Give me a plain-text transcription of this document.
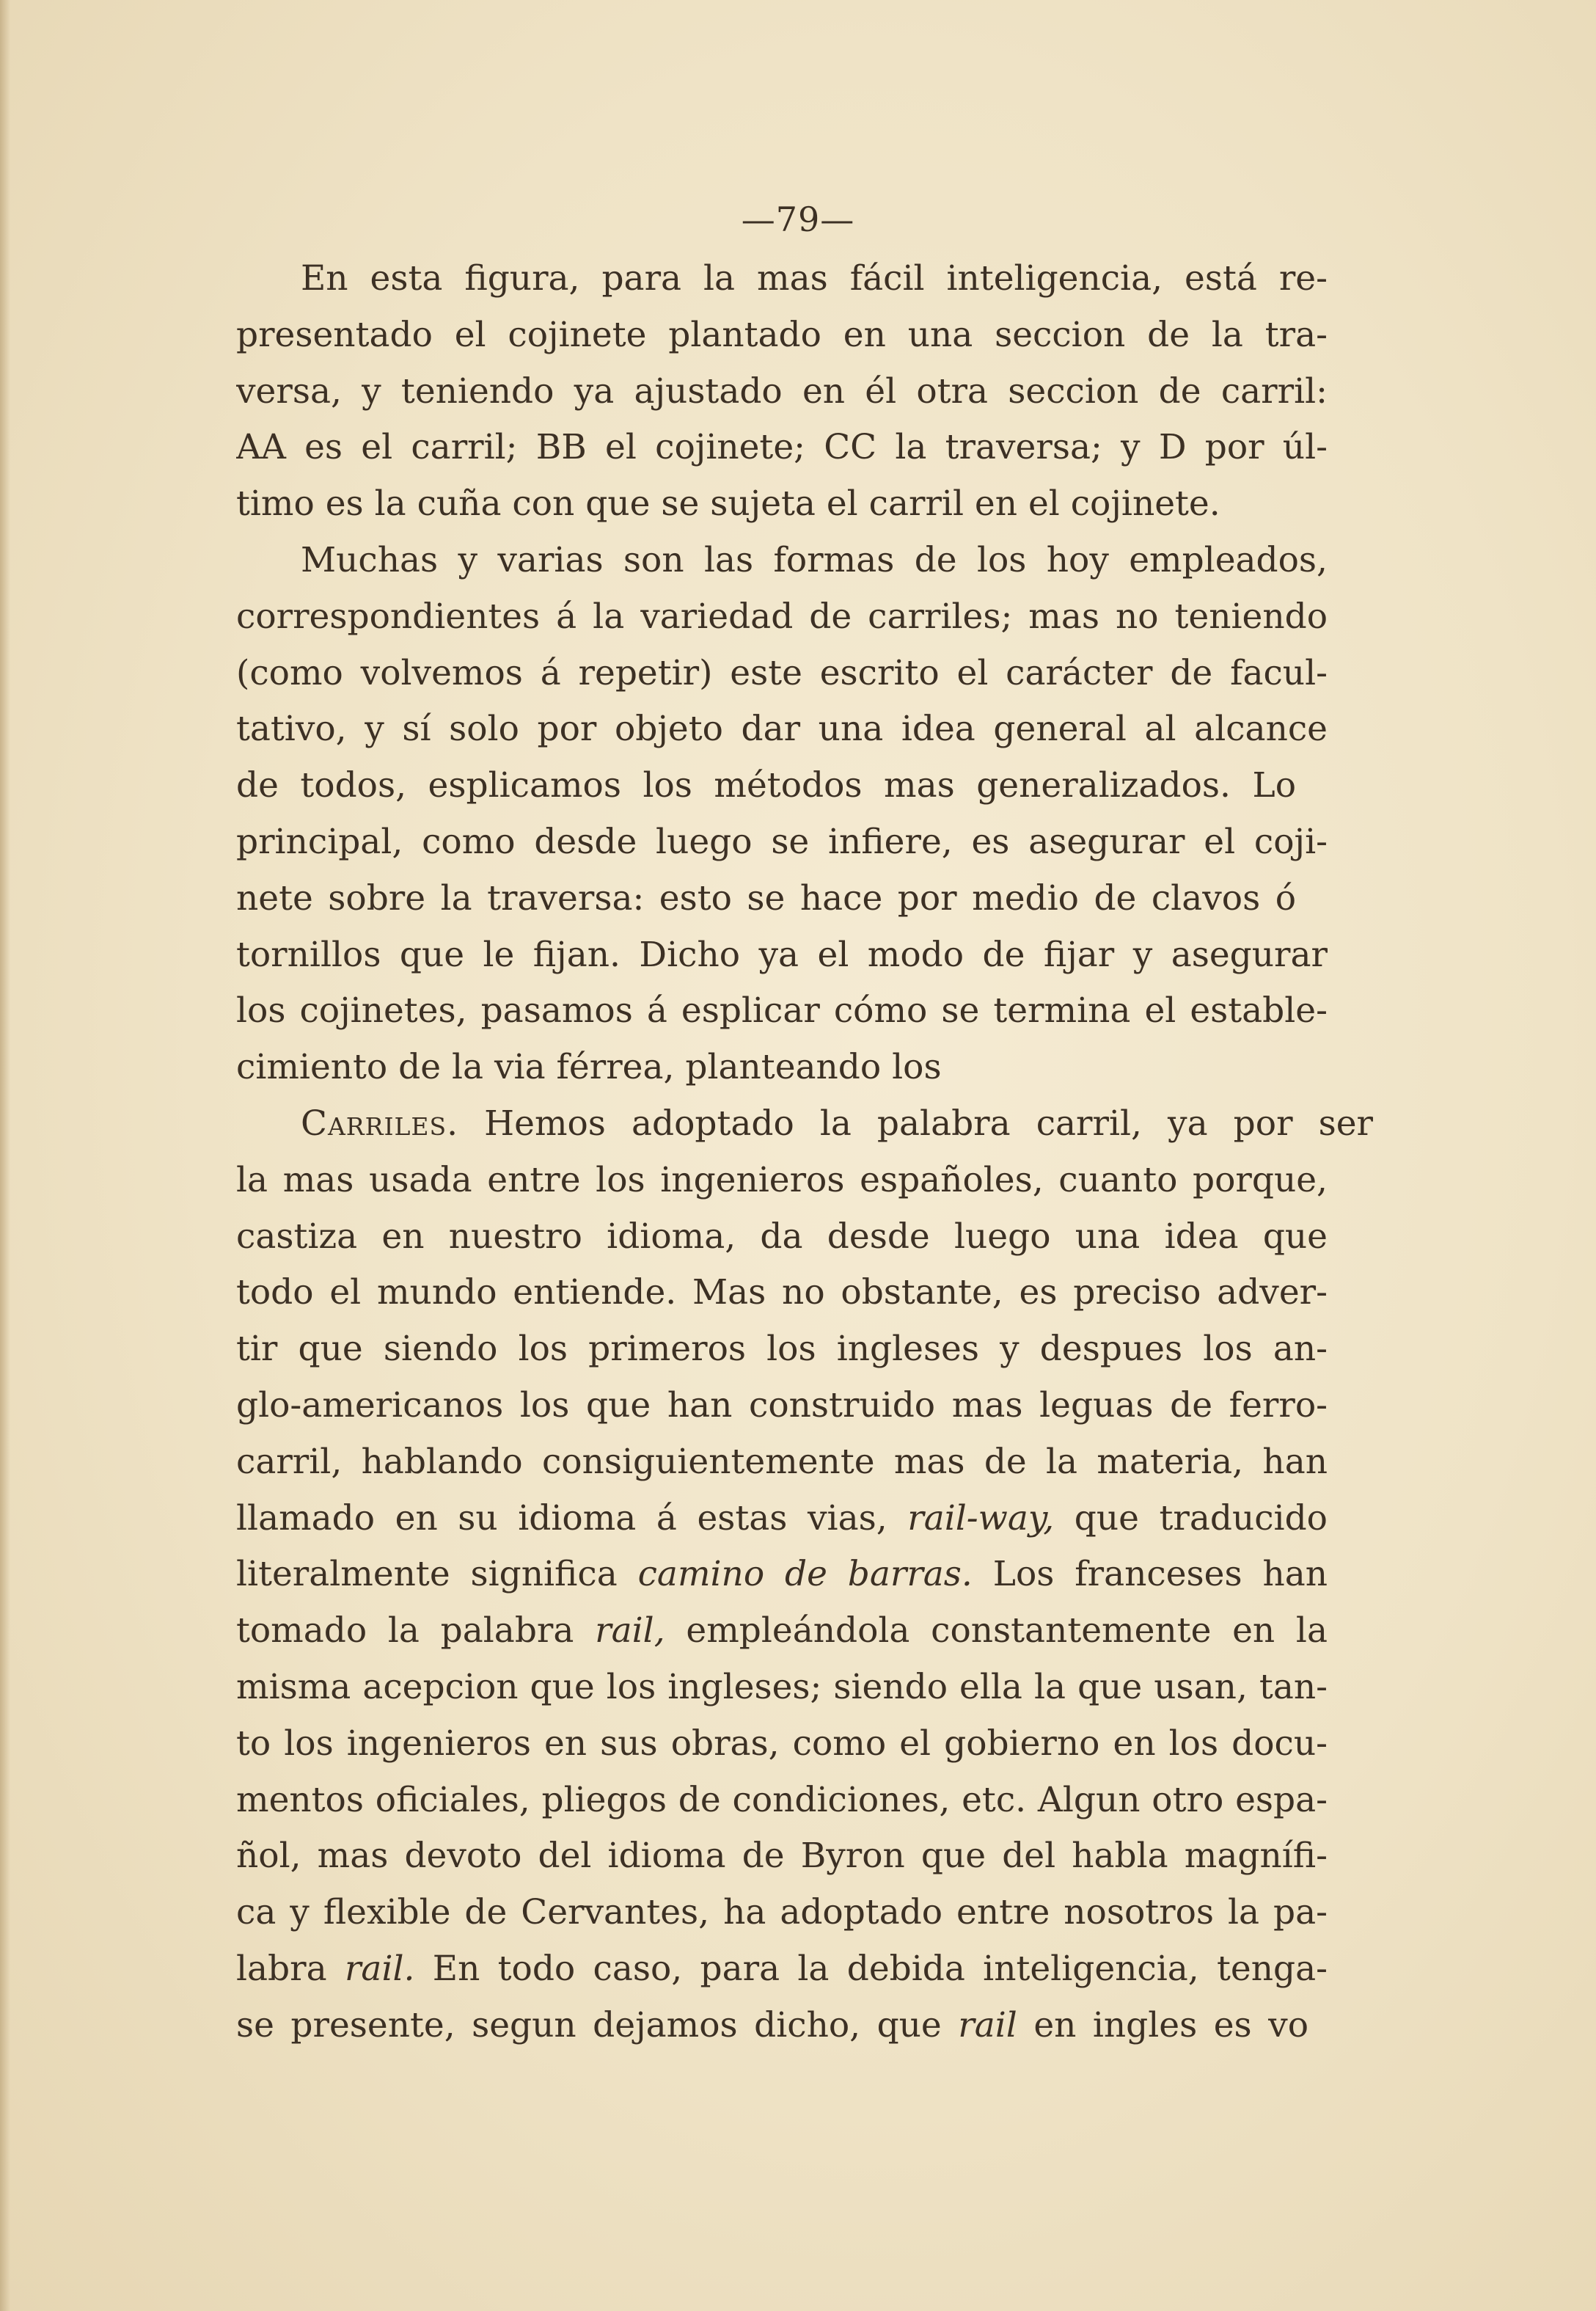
—79—
En esta figura, para la mas fácil inteligencia, está re-
presentado el cojinete plantado en una seccion de la tra-
versa, y teniendo ya ajustado en él otra seccion de carril:
AA es el carril; BB el cojinete; CC la traversa; y D por úl-
timo es la cuña con que se sujeta el carril en el cojinete.
Muchas y varias son las formas de los hoy empleados,
correspondientes á la variedad de carriles; mas no teniendo
(como volvemos á repetir) este escrito el carácter de facul-
tativo, y sí solo por objeto dar una idea general al alcance
de todos, esplicamos los métodos mas generalizados. Lo
principal, como desde luego se infiere, es asegurar el coji-
nete sobre la traversa: esto se hace por medio de clavos ó
tornillos que le fijan. Dicho ya el modo de fijar y asegurar
los cojinetes, pasamos á esplicar cómo se termina el estable-
cimiento de la via férrea, planteando los
Carriles. Hemos adoptado la palabra carril, ya por ser
la mas usada entre los ingenieros españoles, cuanto porque,
castiza en nuestro idioma, da desde luego una idea que
todo el mundo entiende. Mas no obstante, es preciso adver-
tir que siendo los primeros los ingleses y despues los an-
glo-americanos los que han construido mas leguas de ferro-
carril, hablando consiguientemente mas de la materia, han
llamado en su idioma á estas vias, rail-way, que traducido
literalmente significa camino de barras. Los franceses han
tomado la palabra rail, empleándola constantemente en la
misma acepcion que los ingleses; siendo ella la que usan, tan-
to los ingenieros en sus obras, como el gobierno en los docu-
mentos oficiales, pliegos de condiciones, etc. Algun otro espa-
ñol, mas devoto del idioma de Byron que del habla magnífi-
ca y flexible de Cervantes, ha adoptado entre nosotros la pa-
labra rail. En todo caso, para la debida inteligencia, tenga-
se presente, segun dejamos dicho, que rail en ingles es vo
